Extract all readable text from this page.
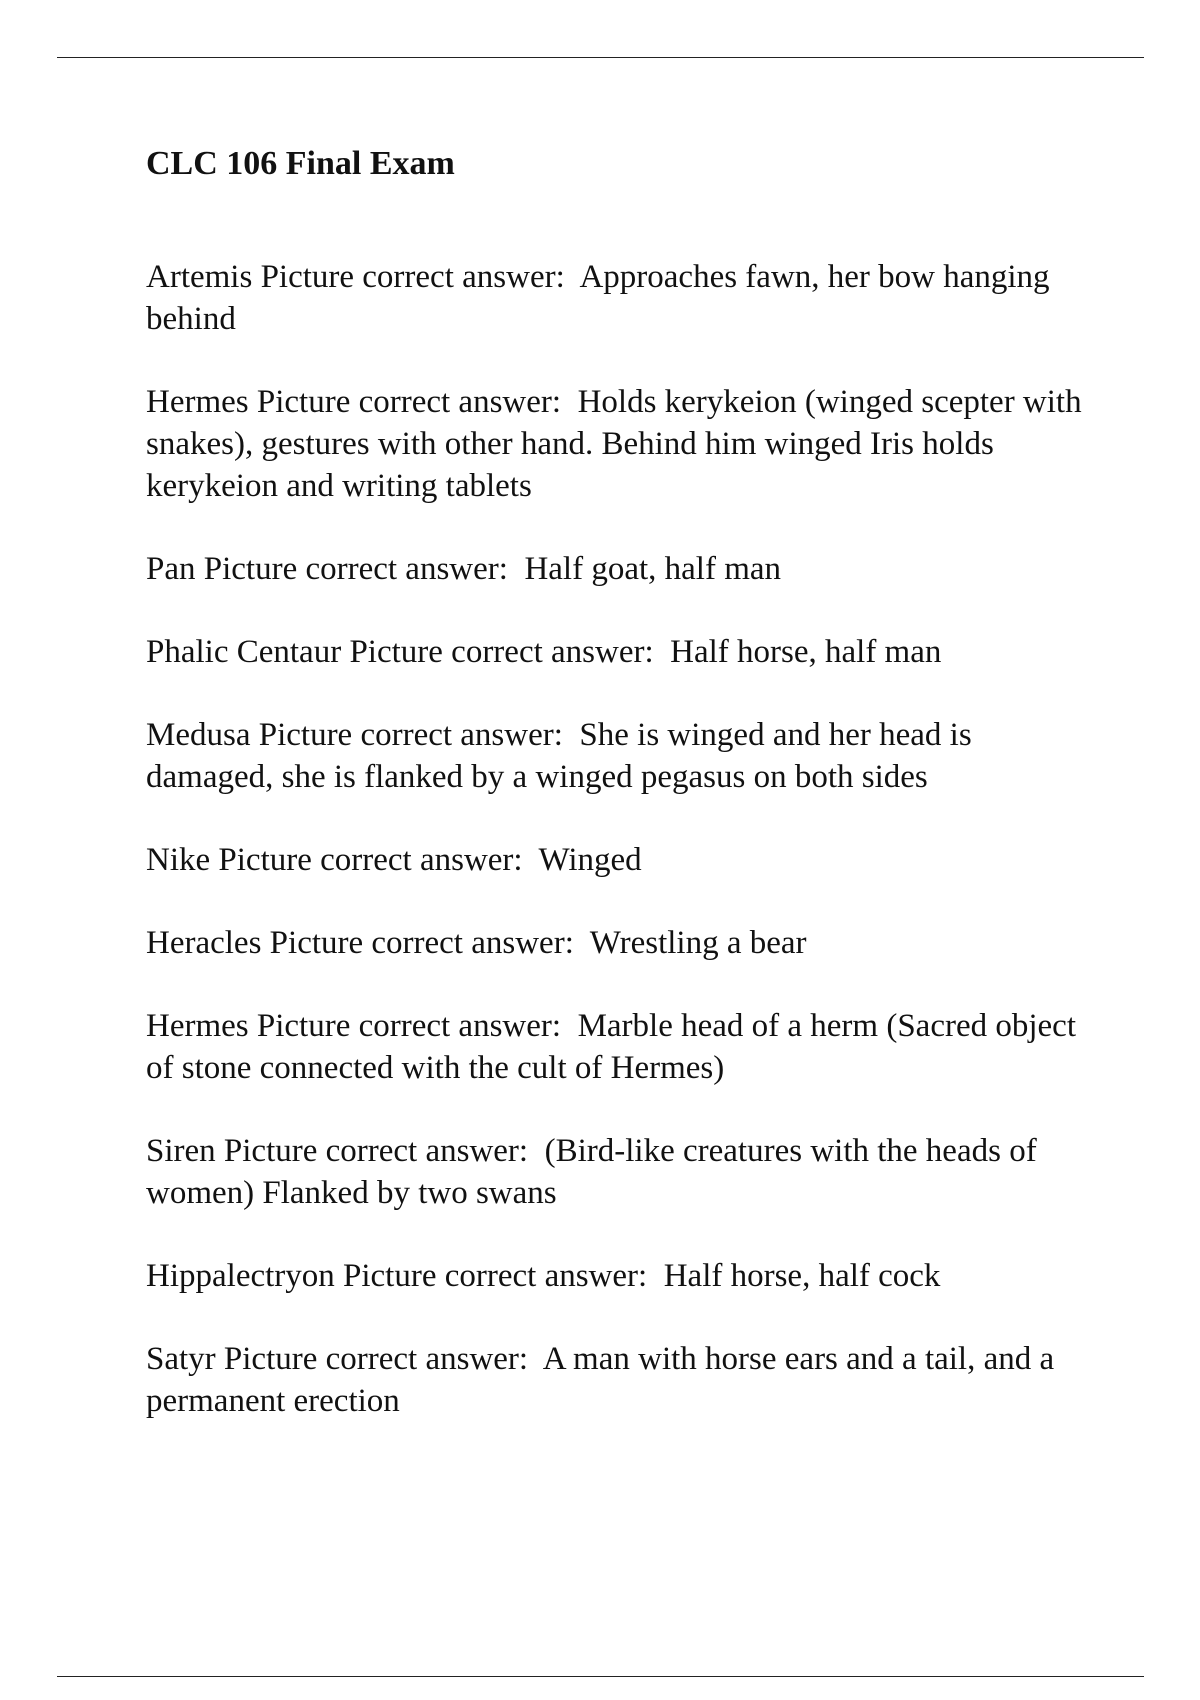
CLC 106 Final Exam

Artemis Picture correct answer: Approaches fawn, her bow hanging behind

Hermes Picture correct answer: Holds kerykeion (winged scepter with snakes), gestures with other hand. Behind him winged Iris holds kerykeion and writing tablets

Pan Picture correct answer: Half goat, half man

Phalic Centaur Picture correct answer: Half horse, half man

Medusa Picture correct answer: She is winged and her head is damaged, she is flanked by a winged pegasus on both sides

Nike Picture correct answer: Winged

Heracles Picture correct answer: Wrestling a bear

Hermes Picture correct answer: Marble head of a herm (Sacred object of stone connected with the cult of Hermes)

Siren Picture correct answer: (Bird-like creatures with the heads of women) Flanked by two swans

Hippalectryon Picture correct answer: Half horse, half cock

Satyr Picture correct answer: A man with horse ears and a tail, and a permanent erection
